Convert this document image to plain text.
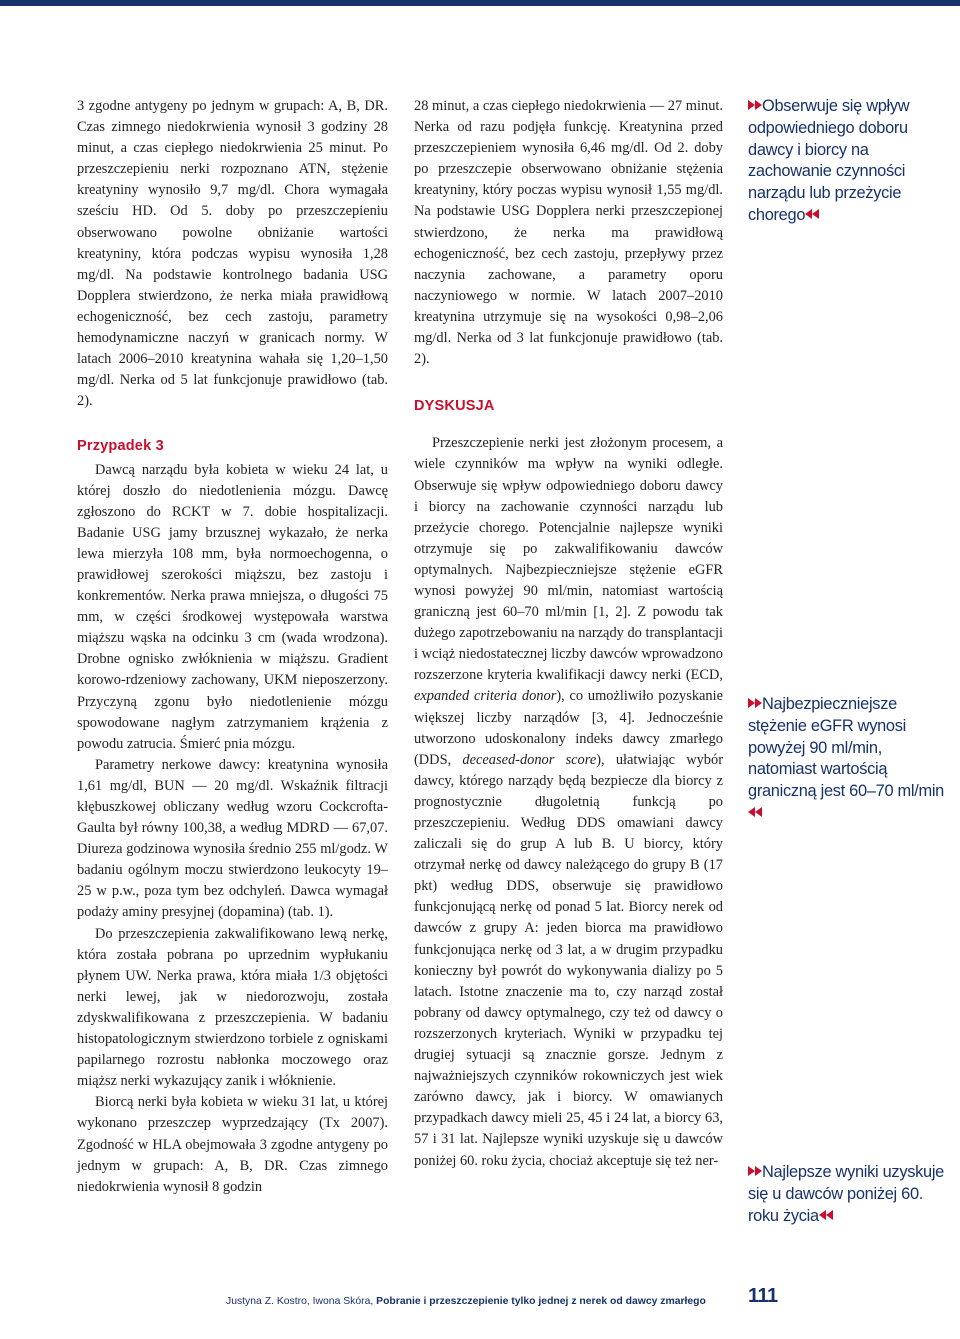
3 zgodne antygeny po jednym w grupach: A, B, DR. Czas zimnego niedokrwienia wynosił 3 godziny 28 minut, a czas ciepłego niedokrwienia 25 minut. Po przeszczepieniu nerki rozpoznano ATN, stężenie kreatyniny wynosiło 9,7 mg/dl. Chora wymagała sześciu HD. Od 5. doby po przeszczepieniu obserwowano powolne obniżanie wartości kreatyniny, która podczas wypisu wynosiła 1,28 mg/dl. Na podstawie kontrolnego badania USG Dopplera stwierdzono, że nerka miała prawidłową echogeniczność, bez cech zastoju, parametry hemodynamiczne naczyń w granicach normy. W latach 2006–2010 kreatynina wahała się 1,20–1,50 mg/dl. Nerka od 5 lat funkcjonuje prawidłowo (tab. 2).

Przypadek 3

Dawcą narządu była kobieta w wieku 24 lat, u której doszło do niedotlenienia mózgu. Dawcę zgłoszono do RCKT w 7. dobie hospitalizacji. Badanie USG jamy brzusznej wykazało, że nerka lewa mierzyła 108 mm, była normoechogenna, o prawidłowej szerokości miąższu, bez zastoju i konkrementów. Nerka prawa mniejsza, o długości 75 mm, w części środkowej występowała warstwa miąższu wąska na odcinku 3 cm (wada wrodzona). Drobne ognisko zwłóknienia w miąższu. Gradient korowo-rdzeniowy zachowany, UKM nieposzerzony. Przyczyną zgonu było niedotlenienie mózgu spowodowane nagłym zatrzymaniem krążenia z powodu zatrucia. Śmierć pnia mózgu.

Parametry nerkowe dawcy: kreatynina wynosiła 1,61 mg/dl, BUN — 20 mg/dl. Wskaźnik filtracji kłębuszkowej obliczany według wzoru Cockcrofta-Gaulta był równy 100,38, a według MDRD — 67,07. Diureza godzinowa wynosiła średnio 255 ml/godz. W badaniu ogólnym moczu stwierdzono leukocyty 19–25 w p.w., poza tym bez odchyleń. Dawca wymagał podaży aminy presyjnej (dopamina) (tab. 1).

Do przeszczepienia zakwalifikowano lewą nerkę, która została pobrana po uprzednim wypłukaniu płynem UW. Nerka prawa, która miała 1/3 objętości nerki lewej, jak w niedorozwoju, została zdyskwalifikowana z przeszczepienia. W badaniu histopatologicznym stwierdzono torbiele z ogniskami papilarnego rozrostu nabłonka moczowego oraz miąższ nerki wykazujący zanik i włóknienie.

Biorcą nerki była kobieta w wieku 31 lat, u której wykonano przeszczep wyprzedzający (Tx 2007). Zgodność w HLA obejmowała 3 zgodne antygeny po jednym w grupach: A, B, DR. Czas zimnego niedokrwienia wynosił 8 godzin

28 minut, a czas ciepłego niedokrwienia — 27 minut. Nerka od razu podjęła funkcję. Kreatynina przed przeszczepieniem wynosiła 6,46 mg/dl. Od 2. doby po przeszczepie obserwowano obniżanie stężenia kreatyniny, który poczas wypisu wynosił 1,55 mg/dl. Na podstawie USG Dopplera nerki przeszczepionej stwierdzono, że nerka ma prawidłową echogeniczność, bez cech zastoju, przepływy przez naczynia zachowane, a parametry oporu naczyniowego w normie. W latach 2007–2010 kreatynina utrzymuje się na wysokości 0,98–2,06 mg/dl. Nerka od 3 lat funkcjonuje prawidłowo (tab. 2).

DYSKUSJA

Przeszczepienie nerki jest złożonym procesem, a wiele czynników ma wpływ na wyniki odległe. Obserwuje się wpływ odpowiedniego doboru dawcy i biorcy na zachowanie czynności narządu lub przeżycie chorego. Potencjalnie najlepsze wyniki otrzymuje się po zakwalifikowaniu dawców optymalnych. Najbezpieczniejsze stężenie eGFR wynosi powyżej 90 ml/min, natomiast wartością graniczną jest 60–70 ml/min [1, 2]. Z powodu tak dużego zapotrzebowaniu na narządy do transplantacji i wciąż niedostatecznej liczby dawców wprowadzono rozszerzone kryteria kwalifikacji dawcy nerki (ECD, expanded criteria donor), co umożliwiło pozyskanie większej liczby narządów [3, 4]. Jednocześnie utworzono udoskonalony indeks dawcy zmarłego (DDS, deceased-donor score), ułatwiając wybór dawcy, którego narządy będą bezpiecze dla biorcy z prognostycznie długoletnią funkcją po przeszczepieniu. Według DDS omawiani dawcy zaliczali się do grup A lub B. U biorcy, który otrzymał nerkę od dawcy należącego do grupy B (17 pkt) według DDS, obserwuje się prawidłowo funkcjonującą nerkę od ponad 5 lat. Biorcy nerek od dawców z grupy A: jeden biorca ma prawidłowo funkcjonująca nerkę od 3 lat, a w drugim przypadku konieczny był powrót do wykonywania dializy po 5 latach. Istotne znaczenie ma to, czy narząd został pobrany od dawcy optymalnego, czy też od dawcy o rozszerzonych kryteriach. Wyniki w przypadku tej drugiej sytuacji są znacznie gorsze. Jednym z najważniejszych czynników rokowniczych jest wiek zarówno dawcy, jak i biorcy. W omawianych przypadkach dawcy mieli 25, 45 i 24 lat, a biorcy 63, 57 i 31 lat. Najlepsze wyniki uzyskuje się u dawców poniżej 60. roku życia, chociaż akceptuje się też ner-

Obserwuje się wpływ odpowiedniego doboru dawcy i biorcy na zachowanie czynności narządu lub przeżycie chorego
Najbezpieczniejsze stężenie eGFR wynosi powyżej 90 ml/min, natomiast wartością graniczną jest 60–70 ml/min
Najlepsze wyniki uzyskuje się u dawców poniżej 60. roku życia
Justyna Z. Kostro, Iwona Skóra, Pobranie i przeszczepienie tylko jednej z nerek od dawcy zmarłego 111
